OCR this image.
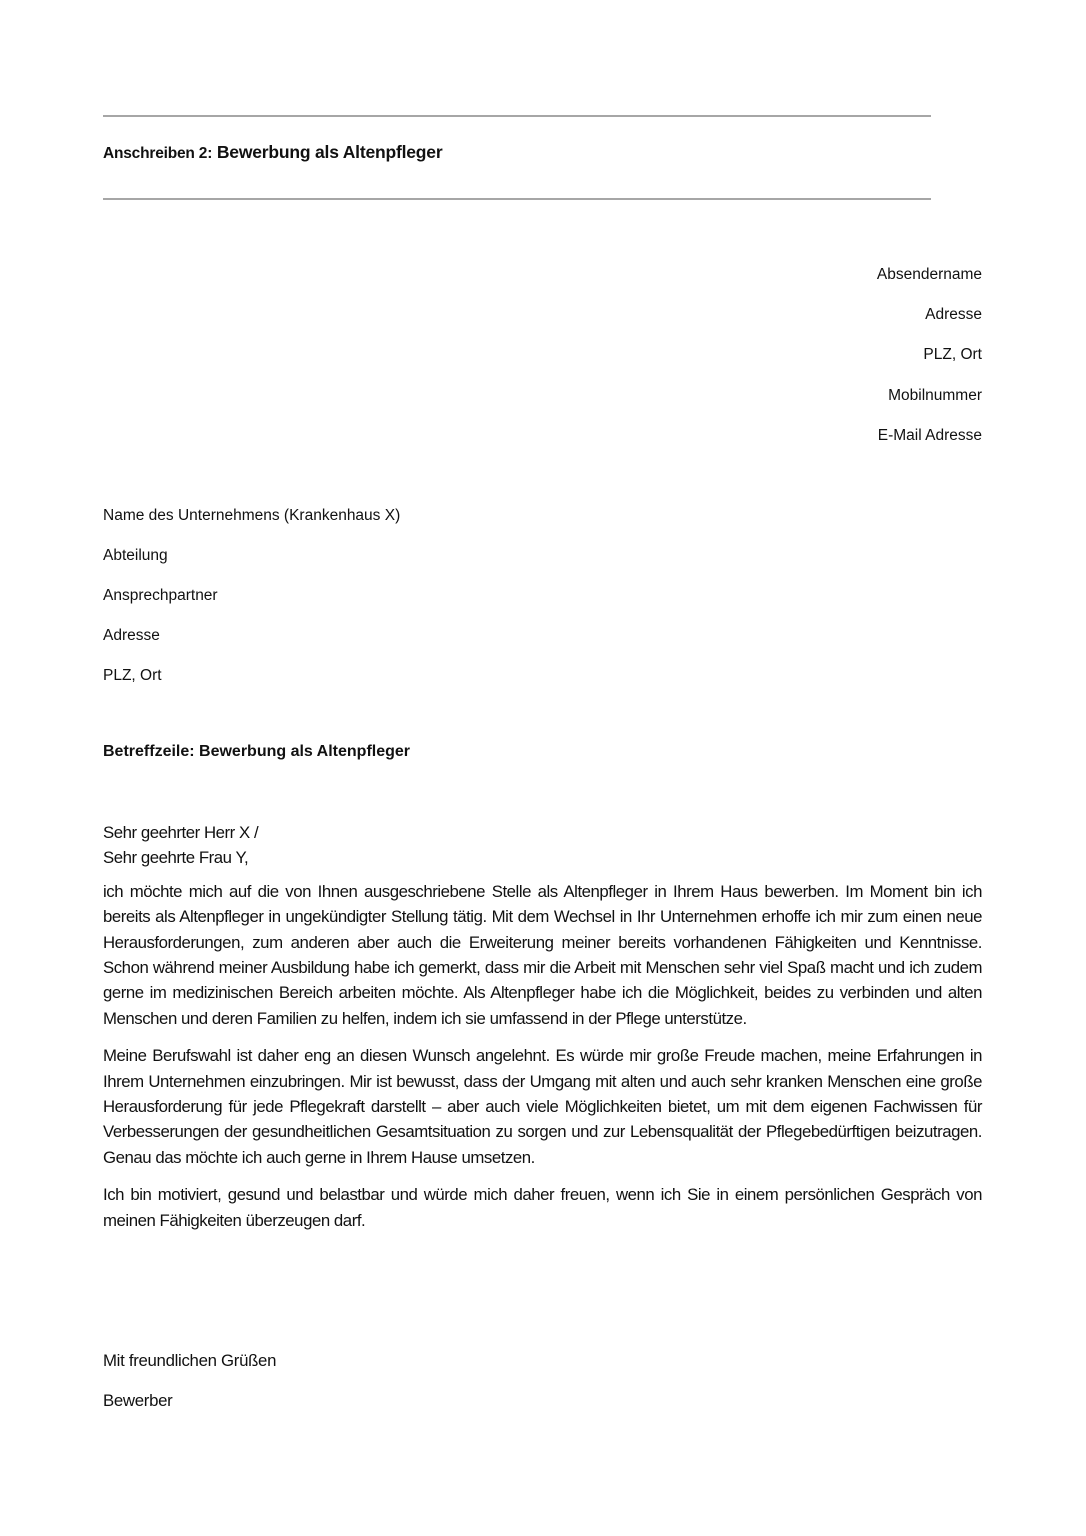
Anschreiben 2: Bewerbung als Altenpfleger
Absendername
Adresse
PLZ, Ort
Mobilnummer
E-Mail Adresse
Name des Unternehmens (Krankenhaus X)
Abteilung
Ansprechpartner
Adresse
PLZ, Ort
Betreffzeile: Bewerbung als Altenpfleger
Sehr geehrter Herr X /
Sehr geehrte Frau Y,

ich möchte mich auf die von Ihnen ausgeschriebene Stelle als Altenpfleger in Ihrem Haus bewerben. Im Moment bin ich bereits als Altenpfleger in ungekündigter Stellung tätig. Mit dem Wechsel in Ihr Unternehmen erhoffe ich mir zum einen neue Herausforderungen, zum anderen aber auch die Erweiterung meiner bereits vorhandenen Fähigkeiten und Kenntnisse. Schon während meiner Ausbildung habe ich gemerkt, dass mir die Arbeit mit Menschen sehr viel Spaß macht und ich zudem gerne im medizinischen Bereich arbeiten möchte. Als Altenpfleger habe ich die Möglichkeit, beides zu verbinden und alten Menschen und deren Familien zu helfen, indem ich sie umfassend in der Pflege unterstütze.

Meine Berufswahl ist daher eng an diesen Wunsch angelehnt. Es würde mir große Freude machen, meine Erfahrungen in Ihrem Unternehmen einzubringen. Mir ist bewusst, dass der Umgang mit alten und auch sehr kranken Menschen eine große Herausforderung für jede Pflegekraft darstellt – aber auch viele Möglichkeiten bietet, um mit dem eigenen Fachwissen für Verbesserungen der gesundheitlichen Gesamtsituation zu sorgen und zur Lebensqualität der Pflegebedürftigen beizutragen. Genau das möchte ich auch gerne in Ihrem Hause umsetzen.

Ich bin motiviert, gesund und belastbar und würde mich daher freuen, wenn ich Sie in einem persönlichen Gespräch von meinen Fähigkeiten überzeugen darf.

Mit freundlichen Grüßen
Bewerber
